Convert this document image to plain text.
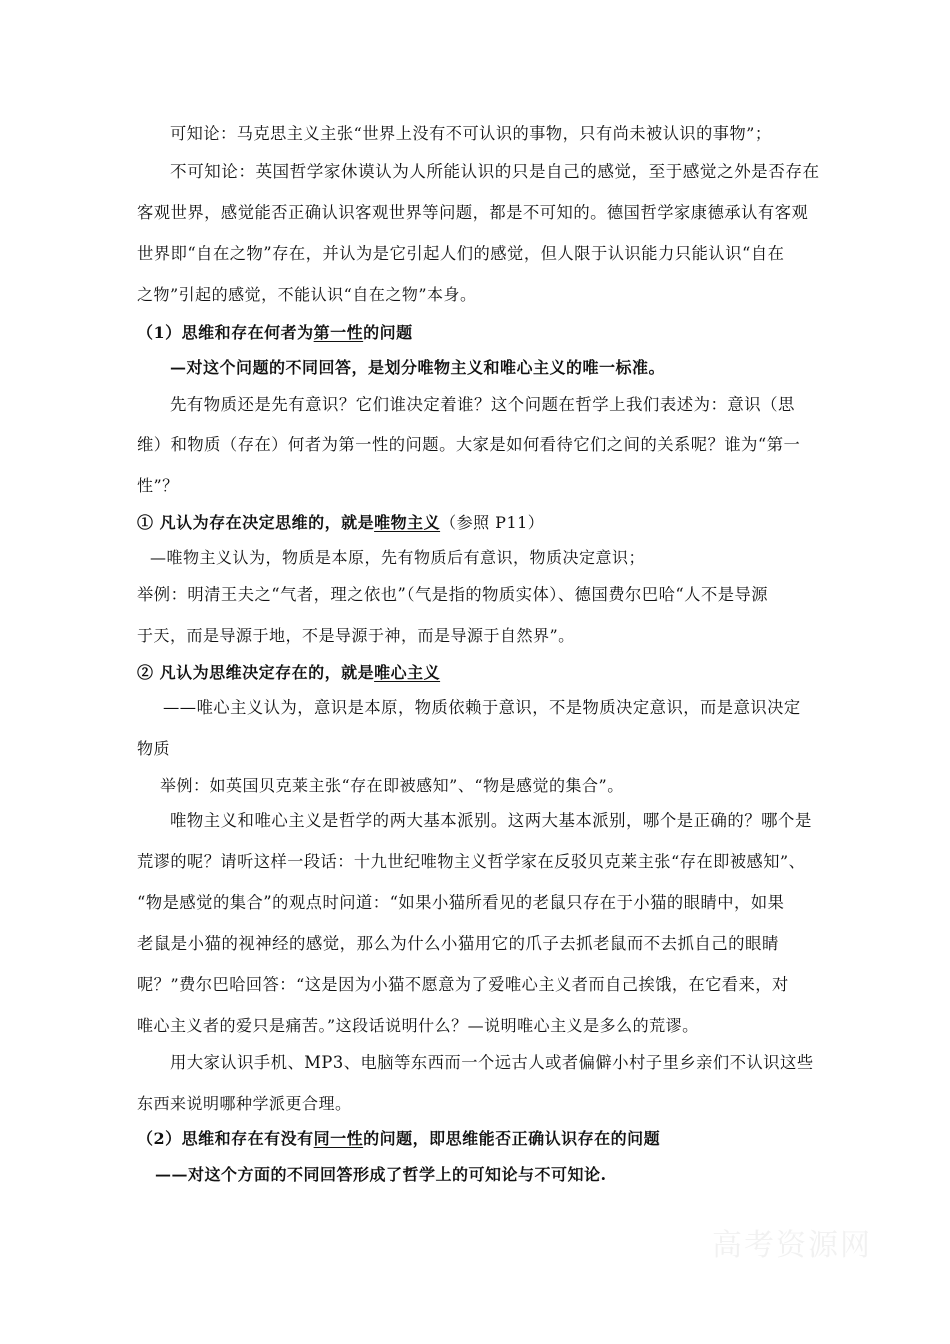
可知论：马克思主义主张“世界上没有不可认识的事物，只有尚未被认识的事物”；
不可知论：英国哲学家休谟认为人所能认识的只是自己的感觉，至于感觉之外是否存在
客观世界，感觉能否正确认识客观世界等问题，都是不可知的。德国哲学家康德承认有客观
世界即“自在之物”存在，并认为是它引起人们的感觉，但人限于认识能力只能认识“自在
之物”引起的感觉，不能认识“自在之物”本身。
（1）思维和存在何者为第一性的问题
—对这个问题的不同回答，是划分唯物主义和唯心主义的唯一标准。
先有物质还是先有意识？它们谁决定着谁？这个问题在哲学上我们表述为：意识（思
维）和物质（存在）何者为第一性的问题。大家是如何看待它们之间的关系呢？谁为“第一
性”？
① 凡认为存在决定思维的，就是唯物主义（参照 P11）
—唯物主义认为，物质是本原，先有物质后有意识，物质决定意识；
举例：明清王夫之“气者，理之依也”（气是指的物质实体）、德国费尔巴哈“人不是导源
于天，而是导源于地，不是导源于神，而是导源于自然界”。
② 凡认为思维决定存在的，就是唯心主义
——唯心主义认为，意识是本原，物质依赖于意识，不是物质决定意识，而是意识决定
物质
举例：如英国贝克莱主张“存在即被感知”、“物是感觉的集合”。
唯物主义和唯心主义是哲学的两大基本派别。这两大基本派别，哪个是正确的？哪个是
荒谬的呢？请听这样一段话：十九世纪唯物主义哲学家在反驳贝克莱主张“存在即被感知”、
“物是感觉的集合”的观点时问道：“如果小猫所看见的老鼠只存在于小猫的眼睛中，如果
老鼠是小猫的视神经的感觉，那么为什么小猫用它的爪子去抓老鼠而不去抓自己的眼睛
呢？”费尔巴哈回答：“这是因为小猫不愿意为了爱唯心主义者而自己挨饿，在它看来，对
唯心主义者的爱只是痛苦。”这段话说明什么？—说明唯心主义是多么的荒谬。
用大家认识手机、MP3、电脑等东西而一个远古人或者偏僻小村子里乡亲们不认识这些
东西来说明哪种学派更合理。
（2）思维和存在有没有同一性的问题，即思维能否正确认识存在的问题
——对这个方面的不同回答形成了哲学上的可知论与不可知论.
高考资源网
